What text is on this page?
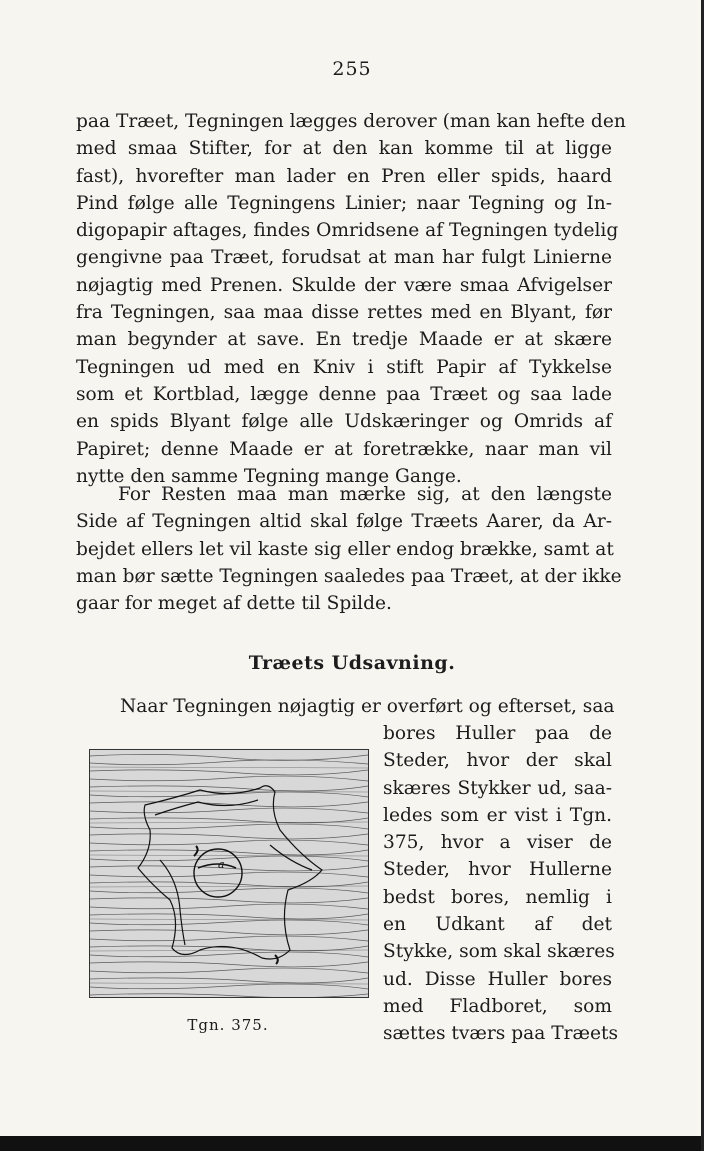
255
paa Træet, Tegningen lægges derover (man kan hefte den
med smaa Stifter, for at den kan komme til at ligge
fast), hvorefter man lader en Pren eller spids, haard
Pind følge alle Tegningens Linier; naar Tegning og In-
digopapir aftages, findes Omridsene af Tegningen tydelig
gengivne paa Træet, forudsat at man har fulgt Linierne
nøjagtig med Prenen. Skulde der være smaa Afvigelser
fra Tegningen, saa maa disse rettes med en Blyant, før
man begynder at save. En tredje Maade er at skære
Tegningen ud med en Kniv i stift Papir af Tykkelse
som et Kortblad, lægge denne paa Træet og saa lade
en spids Blyant følge alle Udskæringer og Omrids af
Papiret; denne Maade er at foretrække, naar man vil
nytte den samme Tegning mange Gange.
For Resten maa man mærke sig, at den længste
Side af Tegningen altid skal følge Træets Aarer, da Ar-
bejdet ellers let vil kaste sig eller endog brække, samt at
man bør sætte Tegningen saaledes paa Træet, at der ikke
gaar for meget af dette til Spilde.
Træets Udsavning.
Naar Tegningen nøjagtig er overført og efterset, saa
bores Huller paa de
Steder, hvor der skal
skæres Stykker ud, saa-
ledes som er vist i Tgn.
375, hvor a viser de
Steder, hvor Hullerne
bedst bores, nemlig i
en Udkant af det
Stykke, som skal skæres
ud. Disse Huller bores
med Fladboret, som
sættes tværs paa Træets
a
Tgn. 375.
